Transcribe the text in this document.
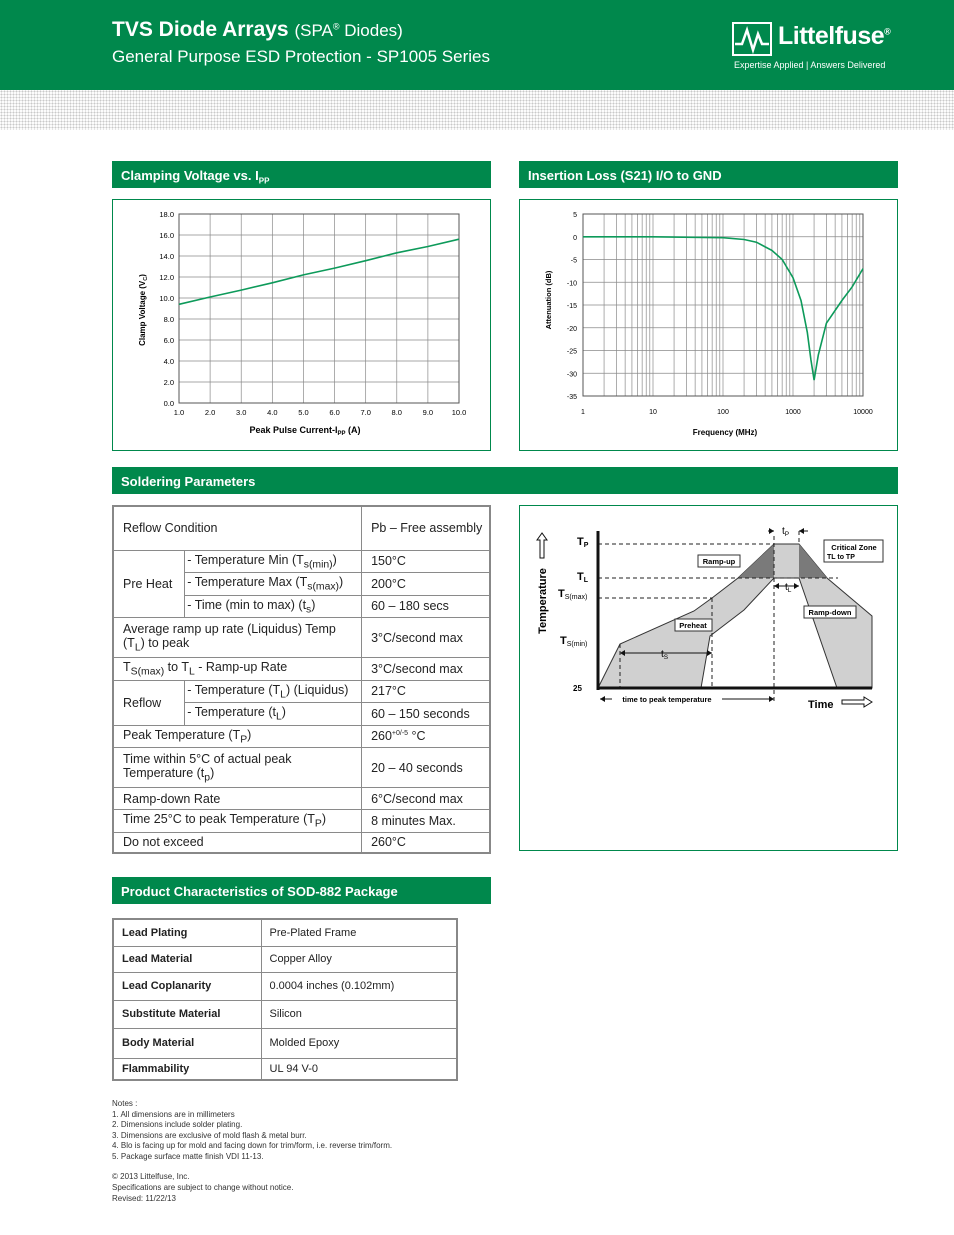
TVS Diode Arrays (SPA® Diodes)
General Purpose ESD Protection - SP1005 Series
Littelfuse®
Expertise Applied | Answers Delivered
Clamping Voltage vs. $I_{PP}$	Insertion Loss (S21) I/O to GND
Soldering Parameters
Product Characteristics of SOD-882 Package
1.0	2.0	3.0	4.0	5.0	6.0	7.0	8.0	9.0 10.0
0.0
2.0
4.0
6.0
8.0
10.0
12.0
14.0
16.0
18.0
Peak Pulse Current-$I_{PP}$ (A)
Clamp Voltage $(V_C)$
1	10	100	1000	10000
5
0
-5
-10
-15
-20
-25
-30
-35
Frequency (MHz)
Attenuation (dB)
Reflow Condition		Pb – Free assembly
Pre Heat	- Temperature Min $(T_{s(min)})$	150°C
	- Temperature Max $(T_{s(max)})$	200°C
	- Time (min to max) $(t_s)$	60 – 180 secs
Average ramp up rate (Liquidus) Temp $(T_L)$ to peak		3°C/second max
$T_{S(max)}$ to $T_L$ - Ramp-up Rate		3°C/second max
Reflow	- Temperature $(T_L)$ (Liquidus)	217°C
	- Temperature $(t_L)$	60 – 150 seconds
Peak Temperature $(T_P)$		$260^{+0/-5}$ °C
Time within 5°C of actual peak Temperature $(t_p)$		20 – 40 seconds
Ramp-down Rate		6°C/second max
Time 25°C to peak Temperature $(T_P)$		8 minutes Max.
Do not exceed		260°C
Temperature
Time
TP
TL
TS(max)
TS(min)
25
$t_P$
$t_L$
$t_S$
Ramp-up
Preheat
Ramp-down
Critical Zone
TL to TP
time to peak temperature
Lead Plating	Pre-Plated Frame
Lead Material	Copper Alloy
Lead Coplanarity	0.0004 inches (0.102mm)
Substitute Material	Silicon
Body Material	Molded Epoxy
Flammability	UL 94 V-0
Notes :
1. All dimensions are in millimeters
2. Dimensions include solder plating.
3. Dimensions are exclusive of mold flash & metal burr.
4. Blo is facing up for mold and facing down for trim/form, i.e. reverse trim/form.
5. Package surface matte finish VDI 11-13.
© 2013 Littelfuse, Inc.
Specifications are subject to change without notice.
Revised: 11/22/13
